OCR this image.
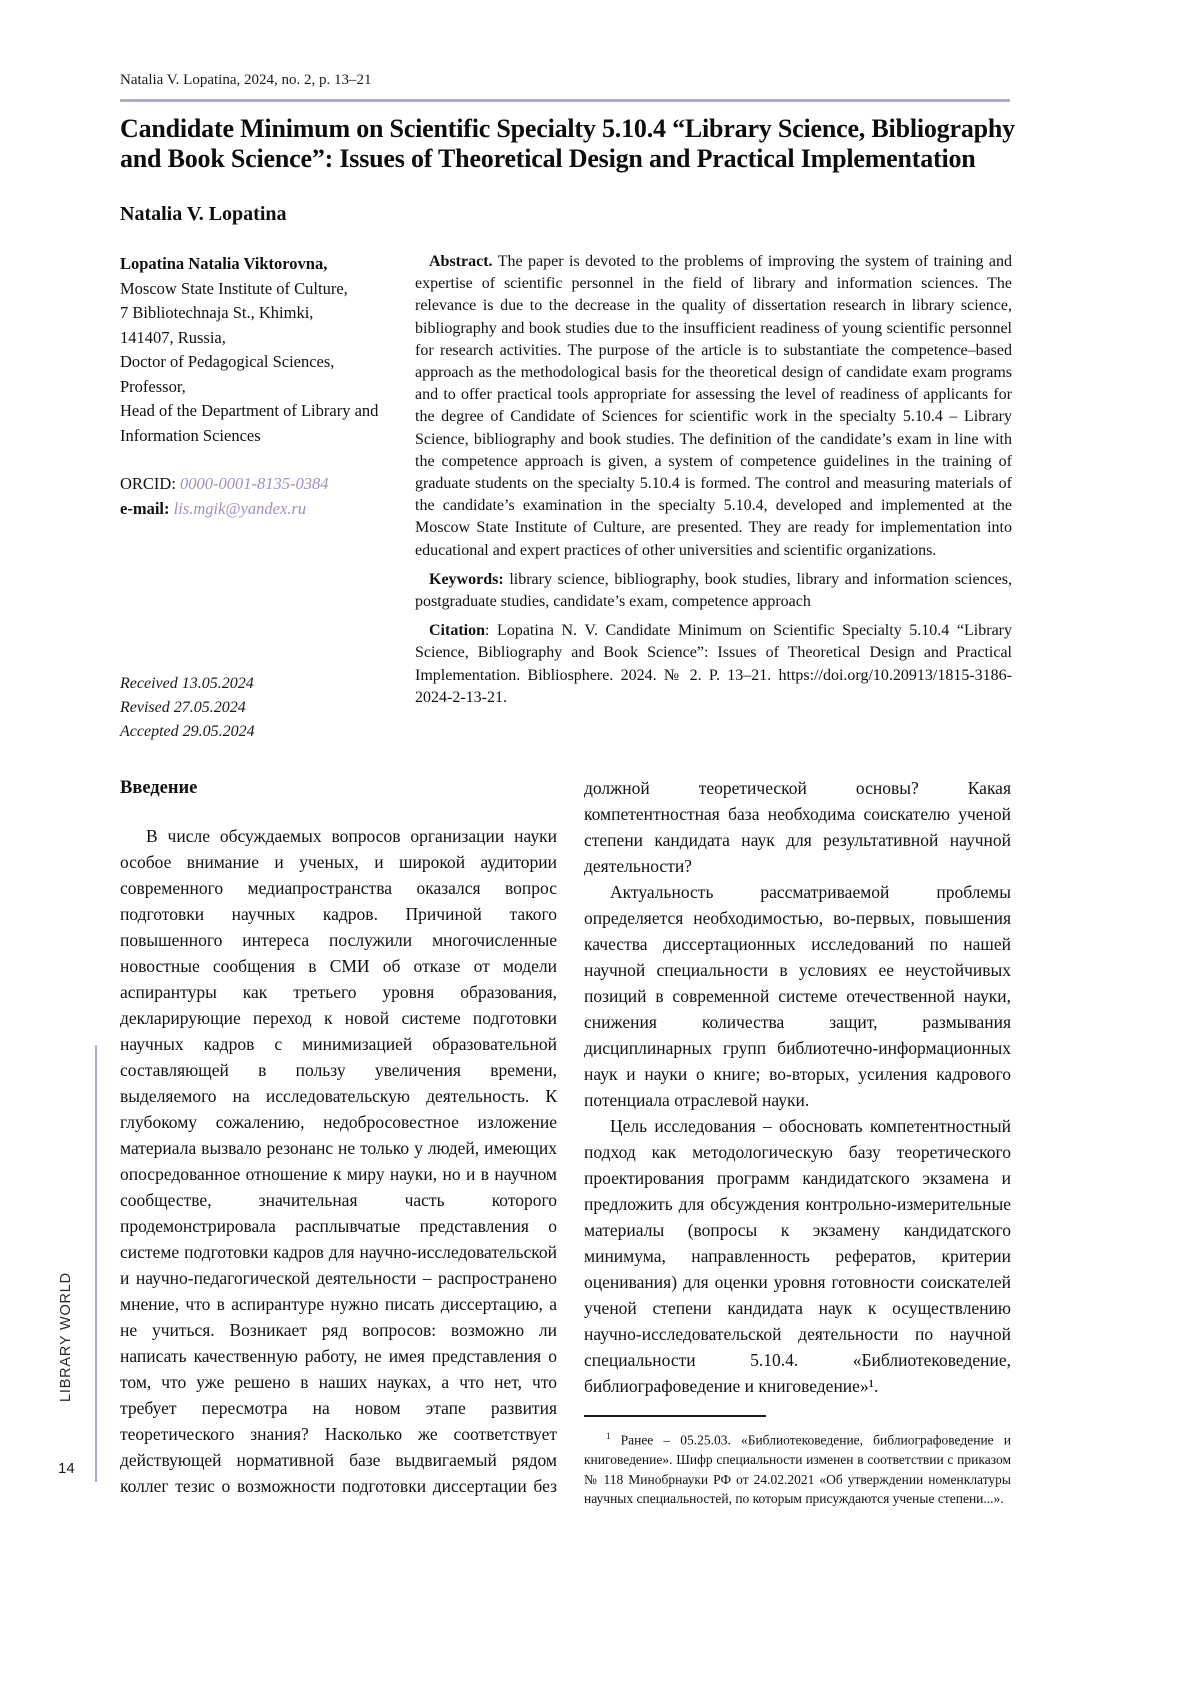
Natalia V. Lopatina, 2024, no. 2, p. 13–21
Candidate Minimum on Scientific Specialty 5.10.4 “Library Science, Bibliography and Book Science”: Issues of Theoretical Design and Practical Implementation
Natalia V. Lopatina
Lopatina Natalia Viktorovna,
Moscow State Institute of Culture,
7 Bibliotechnaja St., Khimki,
141407, Russia,
Doctor of Pedagogical Sciences,
Professor,
Head of the Department of Library and Information Sciences
ORCID: 0000-0001-8135-0384
e-mail: lis.mgik@yandex.ru
Received 13.05.2024
Revised 27.05.2024
Accepted 29.05.2024

Abstract. The paper is devoted to the problems of improving the system of training and expertise of scientific personnel in the field of library and information sciences. The relevance is due to the decrease in the quality of dissertation research in library science, bibliography and book studies due to the insufficient readiness of young scientific personnel for research activities. The purpose of the article is to substantiate the competence–based approach as the methodological basis for the theoretical design of candidate exam programs and to offer practical tools appropriate for assessing the level of readiness of applicants for the degree of Candidate of Sciences for scientific work in the specialty 5.10.4 – Library Science, bibliography and book studies. The definition of the candidate’s exam in line with the competence approach is given, a system of competence guidelines in the training of graduate students on the specialty 5.10.4 is formed. The control and measuring materials of the candidate’s examination in the specialty 5.10.4, developed and implemented at the Moscow State Institute of Culture, are presented. They are ready for implementation into educational and expert practices of other universities and scientific organizations.

Keywords: library science, bibliography, book studies, library and information sciences, postgraduate studies, candidate’s exam, competence approach

Citation: Lopatina N. V. Candidate Minimum on Scientific Specialty 5.10.4 “Library Science, Bibliography and Book Science”: Issues of Theoretical Design and Practical Implementation. Bibliosphere. 2024. № 2. P. 13–21. https://doi.org/10.20913/1815-3186-2024-2-13-21.

Введение

В числе обсуждаемых вопросов организации науки особое внимание и ученых, и широкой аудитории современного медиапространства оказался вопрос подготовки научных кадров. Причиной такого повышенного интереса послужили многочисленные новостные сообщения в СМИ об отказе от модели аспирантуры как третьего уровня образования, декларирующие переход к новой системе подготовки научных кадров с минимизацией образовательной составляющей в пользу увеличения времени, выделяемого на исследовательскую деятельность. К глубокому сожалению, недобросовестное изложение материала вызвало резонанс не только у людей, имеющих опосредованное отношение к миру науки, но и в научном сообществе, значительная часть которого продемонстрировала расплывчатые представления о системе подготовки кадров для научно-исследовательской и научно-педагогической деятельности – распространено мнение, что в аспирантуре нужно писать диссертацию, а не учиться. Возникает ряд вопросов: возможно ли написать качественную работу, не имея представления о том, что уже решено в наших науках, а что нет, что требует пересмотра на новом этапе развития теоретического знания? Насколько же соответствует действующей нормативной базе выдвигаемый рядом коллег тезис о возможности подготовки диссертации без

должной теоретической основы? Какая компетентностная база необходима соискателю ученой степени кандидата наук для результативной научной деятельности?

Актуальность рассматриваемой проблемы определяется необходимостью, во-первых, повышения качества диссертационных исследований по нашей научной специальности в условиях ее неустойчивых позиций в современной системе отечественной науки, снижения количества защит, размывания дисциплинарных групп библиотечно-информационных наук и науки о книге; во-вторых, усиления кадрового потенциала отраслевой науки.

Цель исследования – обосновать компетентностный подход как методологическую базу теоретического проектирования программ кандидатского экзамена и предложить для обсуждения контрольно-измерительные материалы (вопросы к экзамену кандидатского минимума, направленность рефератов, критерии оценивания) для оценки уровня готовности соискателей ученой степени кандидата наук к осуществлению научно-исследовательской деятельности по научной специальности 5.10.4. «Библиотековедение, библиографоведение и книговедение»¹.

$^1$ Ранее – 05.25.03. «Библиотековедение, библиографоведение и книговедение». Шифр специальности изменен в соответствии с приказом № 118 Минобрнауки РФ от 24.02.2021 «Об утверждении номенклатуры научных специальностей, по которым присуждаются ученые степени...».

LIBRARY WORLD
14
